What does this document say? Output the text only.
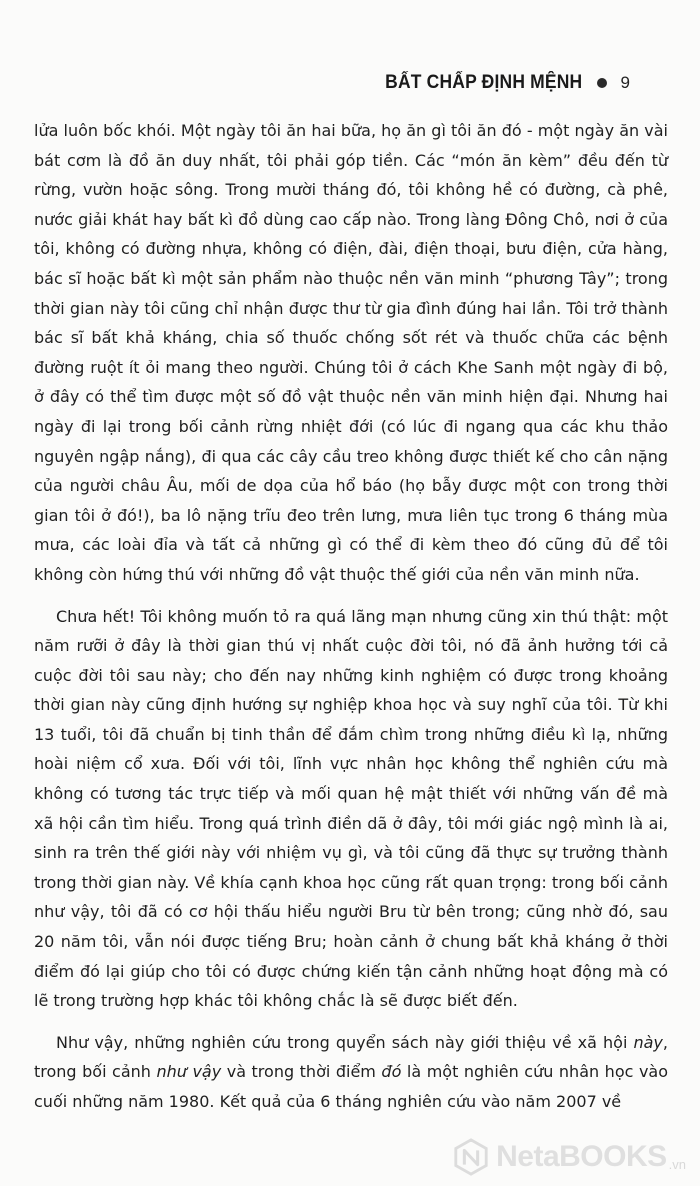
BẤT CHẤP ĐỊNH MỆNH 9

lửa luôn bốc khói. Một ngày tôi ăn hai bữa, họ ăn gì tôi ăn đó - một ngày ăn vài bát cơm là đồ ăn duy nhất, tôi phải góp tiền. Các “món ăn kèm” đều đến từ rừng, vườn hoặc sông. Trong mười tháng đó, tôi không hề có đường, cà phê, nước giải khát hay bất kì đồ dùng cao cấp nào. Trong làng Đông Chô, nơi ở của tôi, không có đường nhựa, không có điện, đài, điện thoại, bưu điện, cửa hàng, bác sĩ hoặc bất kì một sản phẩm nào thuộc nền văn minh “phương Tây”; trong thời gian này tôi cũng chỉ nhận được thư từ gia đình đúng hai lần. Tôi trở thành bác sĩ bất khả kháng, chia số thuốc chống sốt rét và thuốc chữa các bệnh đường ruột ít ỏi mang theo người. Chúng tôi ở cách Khe Sanh một ngày đi bộ, ở đây có thể tìm được một số đồ vật thuộc nền văn minh hiện đại. Nhưng hai ngày đi lại trong bối cảnh rừng nhiệt đới (có lúc đi ngang qua các khu thảo nguyên ngập nắng), đi qua các cây cầu treo không được thiết kế cho cân nặng của người châu Âu, mối de dọa của hổ báo (họ bẫy được một con trong thời gian tôi ở đó!), ba lô nặng trĩu đeo trên lưng, mưa liên tục trong 6 tháng mùa mưa, các loài đỉa và tất cả những gì có thể đi kèm theo đó cũng đủ để tôi không còn hứng thú với những đồ vật thuộc thế giới của nền văn minh nữa.

Chưa hết! Tôi không muốn tỏ ra quá lãng mạn nhưng cũng xin thú thật: một năm rưỡi ở đây là thời gian thú vị nhất cuộc đời tôi, nó đã ảnh hưởng tới cả cuộc đời tôi sau này; cho đến nay những kinh nghiệm có được trong khoảng thời gian này cũng định hướng sự nghiệp khoa học và suy nghĩ của tôi. Từ khi 13 tuổi, tôi đã chuẩn bị tinh thần để đắm chìm trong những điều kì lạ, những hoài niệm cổ xưa. Đối với tôi, lĩnh vực nhân học không thể nghiên cứu mà không có tương tác trực tiếp và mối quan hệ mật thiết với những vấn đề mà xã hội cần tìm hiểu. Trong quá trình điền dã ở đây, tôi mới giác ngộ mình là ai, sinh ra trên thế giới này với nhiệm vụ gì, và tôi cũng đã thực sự trưởng thành trong thời gian này. Về khía cạnh khoa học cũng rất quan trọng: trong bối cảnh như vậy, tôi đã có cơ hội thấu hiểu người Bru từ bên trong; cũng nhờ đó, sau 20 năm tôi, vẫn nói được tiếng Bru; hoàn cảnh ở chung bất khả kháng ở thời điểm đó lại giúp cho tôi có được chứng kiến tận cảnh những hoạt động mà có lẽ trong trường hợp khác tôi không chắc là sẽ được biết đến.

Như vậy, những nghiên cứu trong quyển sách này giới thiệu về xã hội này, trong bối cảnh như vậy và trong thời điểm đó là một nghiên cứu nhân học vào cuối những năm 1980. Kết quả của 6 tháng nghiên cứu vào năm 2007 về

NetaBOOKS .vn
